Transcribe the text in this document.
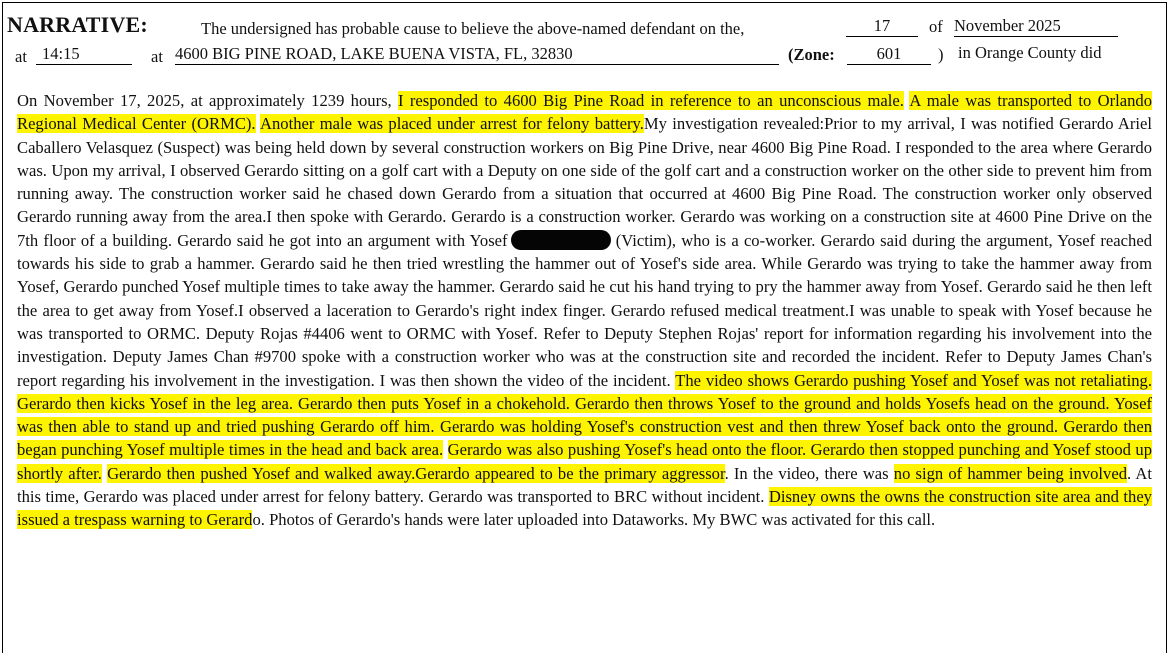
NARRATIVE:	The undersigned has probable cause to believe the above-named defendant on the,	17	of November 2025
at 14:15	at 4600 BIG PINE ROAD, LAKE BUENA VISTA, FL, 32830	(Zone:	601	) in Orange County did
On November 17, 2025, at approximately 1239 hours, I responded to 4600 Big Pine Road in reference to an unconscious male. A male was transported to Orlando Regional Medical Center (ORMC). Another male was placed under arrest for felony battery.My investigation revealed:Prior to my arrival, I was notified Gerardo Ariel Caballero Velasquez (Suspect) was being held down by several construction workers on Big Pine Drive, near 4600 Big Pine Road. I responded to the area where Gerardo was. Upon my arrival, I observed Gerardo sitting on a golf cart with a Deputy on one side of the golf cart and a construction worker on the other side to prevent him from running away. The construction worker said he chased down Gerardo from a situation that occurred at 4600 Big Pine Road. The construction worker only observed Gerardo running away from the area.I then spoke with Gerardo. Gerardo is a construction worker. Gerardo was working on a construction site at 4600 Pine Drive on the 7th floor of a building. Gerardo said he got into an argument with Yosef	(Victim), who is a co-worker. Gerardo said during the argument, Yosef reached towards his side to grab a hammer. Gerardo said he then tried wrestling the hammer out of Yosef's side area. While Gerardo was trying to take the hammer away from Yosef, Gerardo punched Yosef multiple times to take away the hammer. Gerardo said he cut his hand trying to pry the hammer away from Yosef. Gerardo said he then left the area to get away from Yosef.I observed a laceration to Gerardo's right index finger. Gerardo refused medical treatment.I was unable to speak with Yosef because he was transported to ORMC. Deputy Rojas #4406 went to ORMC with Yosef. Refer to Deputy Stephen Rojas' report for information regarding his involvement into the investigation. Deputy James Chan #9700 spoke with a construction worker who was at the construction site and recorded the incident. Refer to Deputy James Chan's report regarding his involvement in the investigation. I was then shown the video of the incident. The video shows Gerardo pushing Yosef and Yosef was not retaliating. Gerardo then kicks Yosef in the leg area. Gerardo then puts Yosef in a chokehold. Gerardo then throws Yosef to the ground and holds Yosefs head on the ground. Yosef was then able to stand up and tried pushing Gerardo off him. Gerardo was holding Yosef's construction vest and then threw Yosef back onto the ground. Gerardo then began punching Yosef multiple times in the head and back area. Gerardo was also pushing Yosef's head onto the floor. Gerardo then stopped punching and Yosef stood up shortly after. Gerardo then pushed Yosef and walked away.Gerardo appeared to be the primary aggressor. In the video, there was no sign of hammer being involved. At this time, Gerardo was placed under arrest for felony battery. Gerardo was transported to BRC without incident. Disney owns the owns the construction site area and they issued a trespass warning to Gerardo. Photos of Gerardo's hands were later uploaded into Dataworks. My BWC was activated for this call.
